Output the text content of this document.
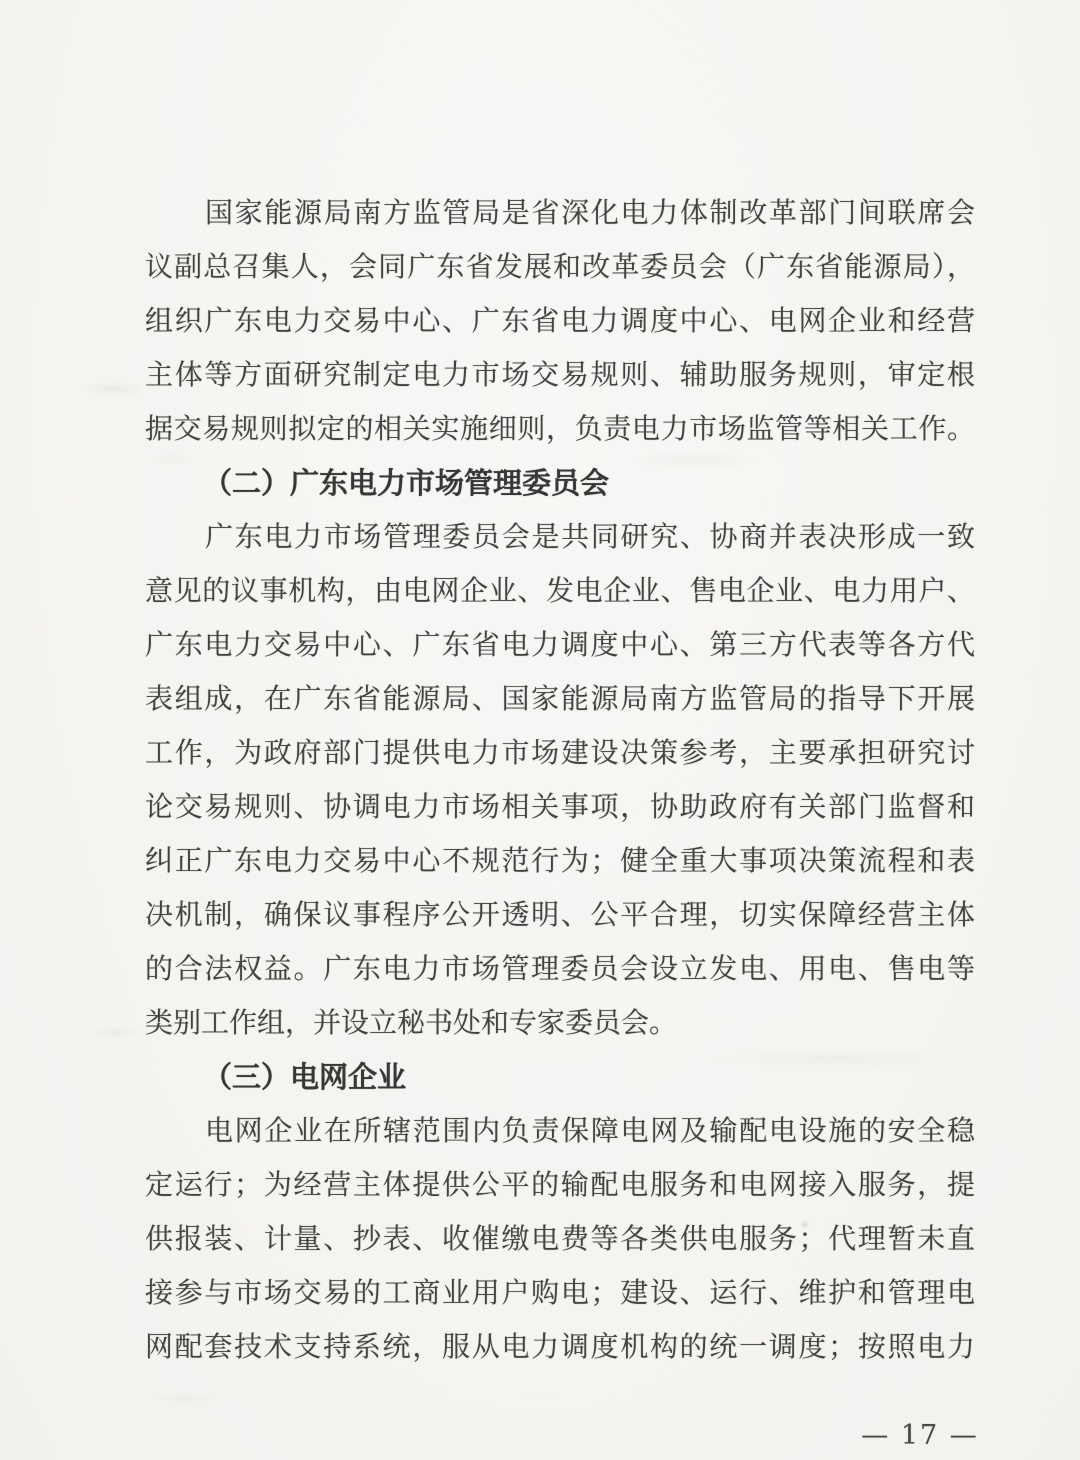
国家能源局南方监管局是省深化电力体制改革部门间联席会
议副总召集人，会同广东省发展和改革委员会（广东省能源局），
组织广东电力交易中心、广东省电力调度中心、电网企业和经营
主体等方面研究制定电力市场交易规则、辅助服务规则，审定根
据交易规则拟定的相关实施细则，负责电力市场监管等相关工作。
（二）广东电力市场管理委员会
广东电力市场管理委员会是共同研究、协商并表决形成一致
意见的议事机构，由电网企业、发电企业、售电企业、电力用户、
广东电力交易中心、广东省电力调度中心、第三方代表等各方代
表组成，在广东省能源局、国家能源局南方监管局的指导下开展
工作，为政府部门提供电力市场建设决策参考，主要承担研究讨
论交易规则、协调电力市场相关事项，协助政府有关部门监督和
纠正广东电力交易中心不规范行为；健全重大事项决策流程和表
决机制，确保议事程序公开透明、公平合理，切实保障经营主体
的合法权益。广东电力市场管理委员会设立发电、用电、售电等
类别工作组，并设立秘书处和专家委员会。
（三）电网企业
电网企业在所辖范围内负责保障电网及输配电设施的安全稳
定运行；为经营主体提供公平的输配电服务和电网接入服务，提
供报装、计量、抄表、收催缴电费等各类供电服务；代理暂未直
接参与市场交易的工商业用户购电；建设、运行、维护和管理电
网配套技术支持系统，服从电力调度机构的统一调度；按照电力
— 17 —
